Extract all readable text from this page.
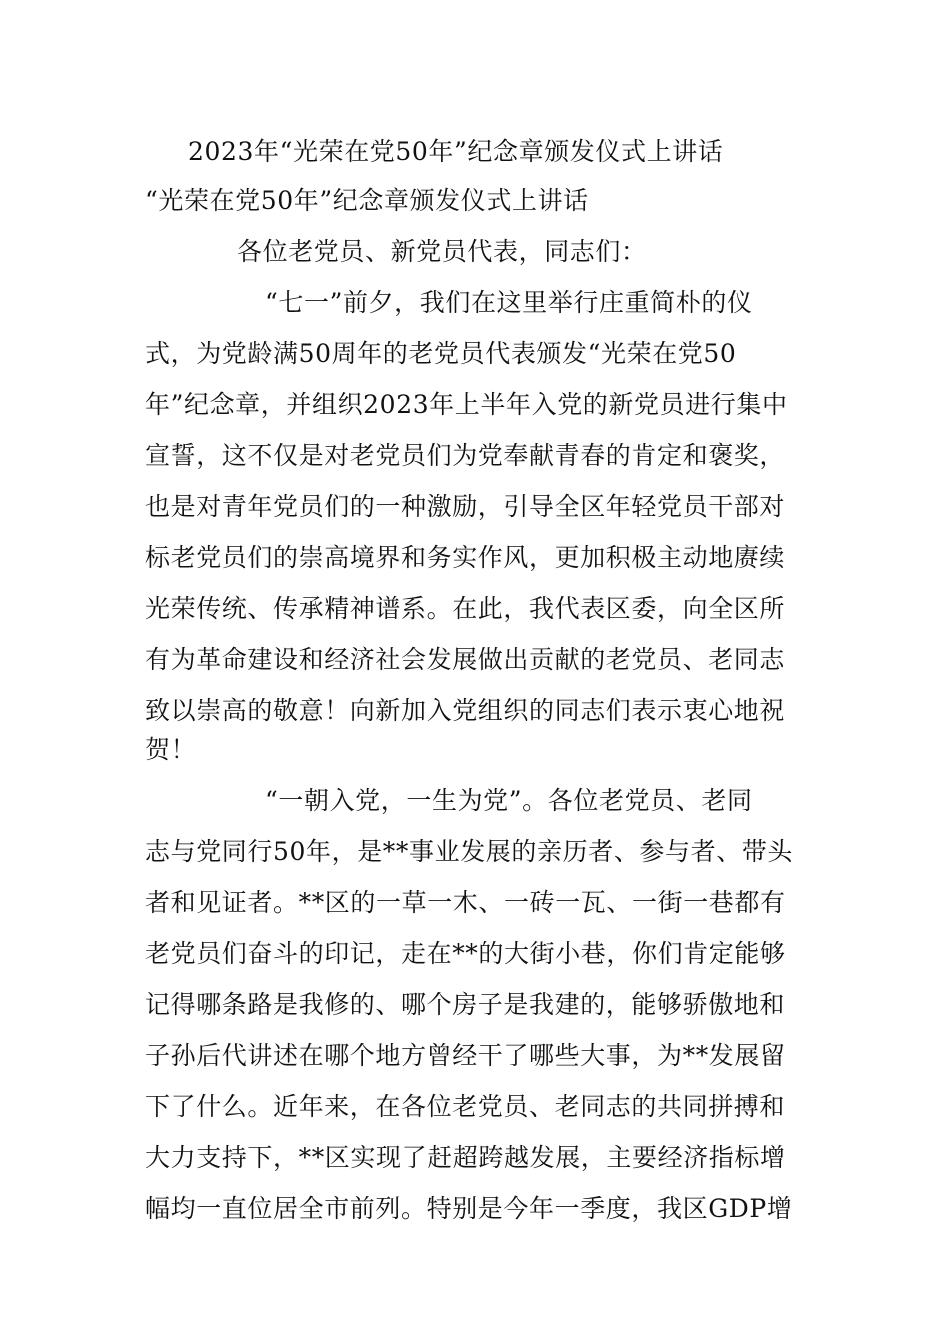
2023年“光荣在党50年”纪念章颁发仪式上讲话
“光荣在党50年”纪念章颁发仪式上讲话
各位老党员、新党员代表，同志们：
“七一”前夕，我们在这里举行庄重简朴的仪
式，为党龄满50周年的老党员代表颁发“光荣在党50
年”纪念章，并组织2023年上半年入党的新党员进行集中
宣誓，这不仅是对老党员们为党奉献青春的肯定和褒奖，
也是对青年党员们的一种激励，引导全区年轻党员干部对
标老党员们的崇高境界和务实作风，更加积极主动地赓续
光荣传统、传承精神谱系。在此，我代表区委，向全区所
有为革命建设和经济社会发展做出贡献的老党员、老同志
致以崇高的敬意！向新加入党组织的同志们表示衷心地祝
贺！
“一朝入党，一生为党”。各位老党员、老同
志与党同行50年，是**事业发展的亲历者、参与者、带头
者和见证者。**区的一草一木、一砖一瓦、一街一巷都有
老党员们奋斗的印记，走在**的大街小巷，你们肯定能够
记得哪条路是我修的、哪个房子是我建的，能够骄傲地和
子孙后代讲述在哪个地方曾经干了哪些大事，为**发展留
下了什么。近年来，在各位老党员、老同志的共同拼搏和
大力支持下，**区实现了赶超跨越发展，主要经济指标增
幅均一直位居全市前列。特别是今年一季度，我区GDP增
